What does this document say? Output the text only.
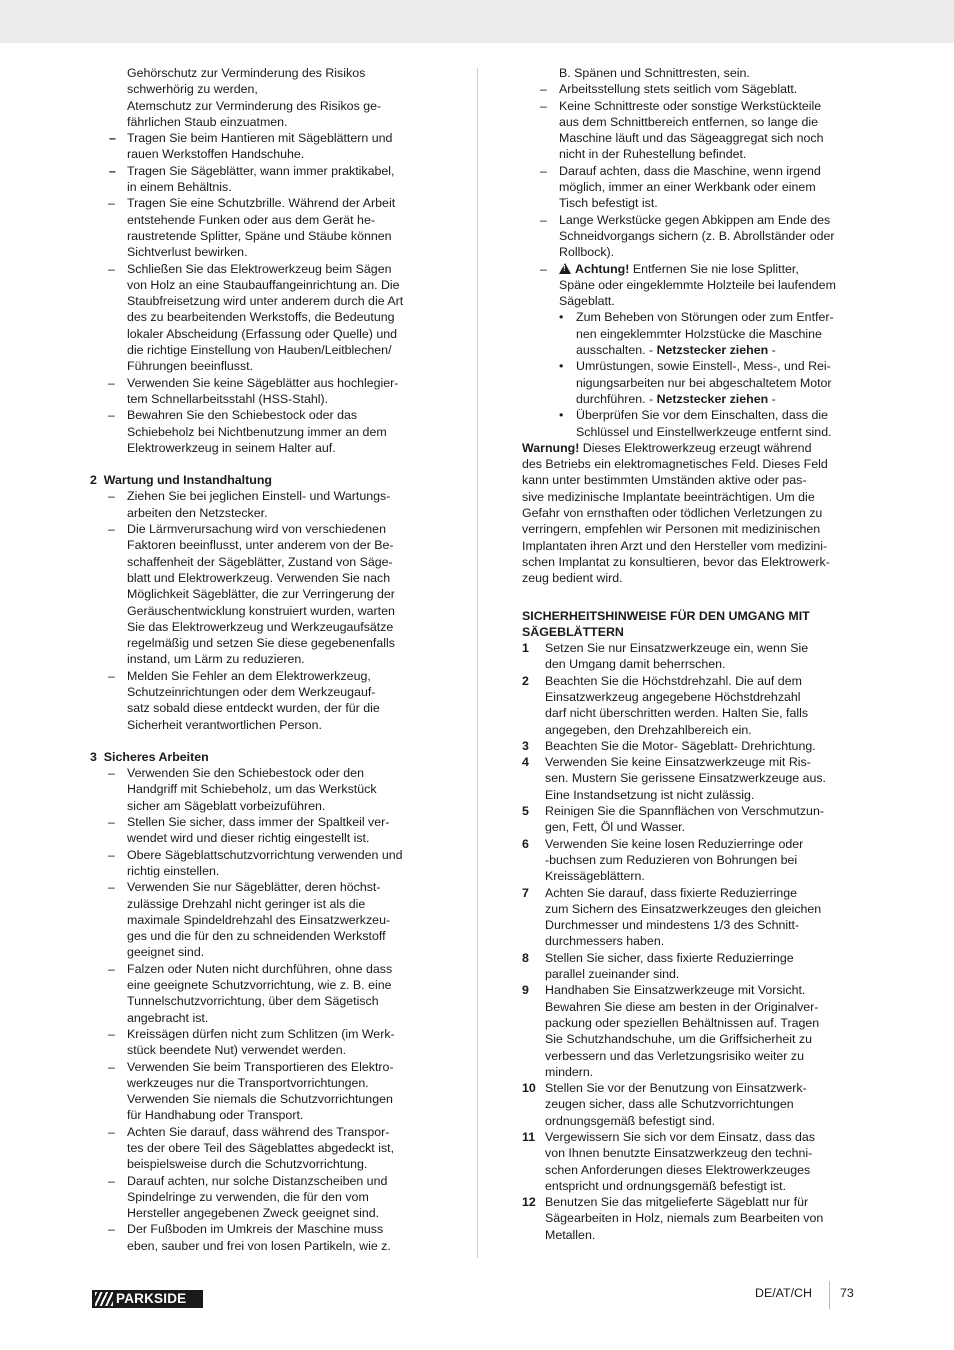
Gehörschutz zur Verminderung des Risikos
schwerhörig zu werden,
Atemschutz zur Verminderung des Risikos ge-
fährlichen Staub einzuatmen.
– Tragen Sie beim Hantieren mit Sägeblättern und
rauen Werkstoffen Handschuhe.
– Tragen Sie Sägeblätter, wann immer praktikabel,
in einem Behältnis.
– Tragen Sie eine Schutzbrille. Während der Arbeit
entstehende Funken oder aus dem Gerät he-
raustretende Splitter, Späne und Stäube können
Sichtverlust bewirken.
– Schließen Sie das Elektrowerkzeug beim Sägen
von Holz an eine Staubauffangeinrichtung an. Die
Staubfreisetzung wird unter anderem durch die Art
des zu bearbeitenden Werkstoffs, die Bedeutung
lokaler Abscheidung (Erfassung oder Quelle) und
die richtige Einstellung von Hauben/Leitblechen/
Führungen beeinflusst.
– Verwenden Sie keine Sägeblätter aus hochlegier-
tem Schnellarbeitsstahl (HSS-Stahl).
– Bewahren Sie den Schiebestock oder das
Schiebeholz bei Nichtbenutzung immer an dem
Elektrowerkzeug in seinem Halter auf.

2 Wartung und Instandhaltung

– Ziehen Sie bei jeglichen Einstell- und Wartungs-
arbeiten den Netzstecker.
– Die Lärmverursachung wird von verschiedenen
Faktoren beeinflusst, unter anderem von der Be-
schaffenheit der Sägeblätter, Zustand von Säge-
blatt und Elektrowerkzeug. Verwenden Sie nach
Möglichkeit Sägeblätter, die zur Verringerung der
Geräuschentwicklung konstruiert wurden, warten
Sie das Elektrowerkzeug und Werkzeugaufsätze
regelmäßig und setzen Sie diese gegebenenfalls
instand, um Lärm zu reduzieren.
– Melden Sie Fehler an dem Elektrowerkzeug,
Schutzeinrichtungen oder dem Werkzeugauf-
satz sobald diese entdeckt wurden, der für die
Sicherheit verantwortlichen Person.

3 Sicheres Arbeiten

– Verwenden Sie den Schiebestock oder den
Handgriff mit Schiebeholz, um das Werkstück
sicher am Sägeblatt vorbeizuführen.
– Stellen Sie sicher, dass immer der Spaltkeil ver-
wendet wird und dieser richtig eingestellt ist.
– Obere Sägeblattschutzvorrichtung verwenden und
richtig einstellen.
– Verwenden Sie nur Sägeblätter, deren höchst-
zulässige Drehzahl nicht geringer ist als die
maximale Spindeldrehzahl des Einsatzwerkzeu-
ges und die für den zu schneidenden Werkstoff
geeignet sind.
– Falzen oder Nuten nicht durchführen, ohne dass
eine geeignete Schutzvorrichtung, wie z. B. eine
Tunnelschutzvorrichtung, über dem Sägetisch
angebracht ist.
– Kreissägen dürfen nicht zum Schlitzen (im Werk-
stück beendete Nut) verwendet werden.
– Verwenden Sie beim Transportieren des Elektro-
werkzeuges nur die Transportvorrichtungen.
Verwenden Sie niemals die Schutzvorrichtungen
für Handhabung oder Transport.
– Achten Sie darauf, dass während des Transpor-
tes der obere Teil des Sägeblattes abgedeckt ist,
beispielsweise durch die Schutzvorrichtung.
– Darauf achten, nur solche Distanzscheiben und
Spindelringe zu verwenden, die für den vom
Hersteller angegebenen Zweck geeignet sind.
– Der Fußboden im Umkreis der Maschine muss
eben, sauber und frei von losen Partikeln, wie z.
B. Spänen und Schnittresten, sein.
– Arbeitsstellung stets seitlich vom Sägeblatt.
– Keine Schnittreste oder sonstige Werkstückteile
aus dem Schnittbereich entfernen, so lange die
Maschine läuft und das Sägeaggregat sich noch
nicht in der Ruhestellung befindet.
– Darauf achten, dass die Maschine, wenn irgend
möglich, immer an einer Werkbank oder einem
Tisch befestigt ist.
– Lange Werkstücke gegen Abkippen am Ende des
Schneidvorgangs sichern (z. B. Abrollständer oder
Rollbock).
!– Achtung! Entfernen Sie nie lose Splitter,
Späne oder eingeklemmte Holzteile bei laufendem
Sägeblatt.
• Zum Beheben von Störungen oder zum Entfer-
nen eingeklemmter Holzstücke die Maschine
ausschalten. - Netzstecker ziehen -
• Umrüstungen, sowie Einstell-, Mess-, und Rei-
nigungsarbeiten nur bei abgeschaltetem Motor
durchführen. - Netzstecker ziehen -
• Überprüfen Sie vor dem Einschalten, dass die
Schlüssel und Einstellwerkzeuge entfernt sind.

Warnung! Dieses Elektrowerkzeug erzeugt während

des Betriebs ein elektromagnetisches Feld. Dieses Feld
kann unter bestimmten Umständen aktive oder pas-
sive medizinische Implantate beeinträchtigen. Um die
Gefahr von ernsthaften oder tödlichen Verletzungen zu
verringern, empfehlen wir Personen mit medizinischen
Implantaten ihren Arzt und den Hersteller vom medizini-
schen Implantat zu konsultieren, bevor das Elektrowerk-
zeug bedient wird.
SICHERHEITSHINWEISE FÜR DEN UMGANG MIT
SÄGEBLÄTTERN
1 Setzen Sie nur Einsatzwerkzeuge ein, wenn Sie
den Umgang damit beherrschen.
2 Beachten Sie die Höchstdrehzahl. Die auf dem
Einsatzwerkzeug angegebene Höchstdrehzahl
darf nicht überschritten werden. Halten Sie, falls
angegeben, den Drehzahlbereich ein.
3 Beachten Sie die Motor- Sägeblatt- Drehrichtung.
4 Verwenden Sie keine Einsatzwerkzeuge mit Ris-
sen. Mustern Sie gerissene Einsatzwerkzeuge aus.
Eine Instandsetzung ist nicht zulässig.
5 Reinigen Sie die Spannflächen von Verschmutzun-
gen, Fett, Öl und Wasser.
6 Verwenden Sie keine losen Reduzierringe oder
-buchsen zum Reduzieren von Bohrungen bei
Kreissägeblättern.
7 Achten Sie darauf, dass fixierte Reduzierringe
zum Sichern des Einsatzwerkzeuges den gleichen
Durchmesser und mindestens 1/3 des Schnitt-
durchmessers haben.
8 Stellen Sie sicher, dass fixierte Reduzierringe
parallel zueinander sind.
9 Handhaben Sie Einsatzwerkzeuge mit Vorsicht.
Bewahren Sie diese am besten in der Originalver-
packung oder speziellen Behältnissen auf. Tragen
Sie Schutzhandschuhe, um die Griffsicherheit zu
verbessern und das Verletzungsrisiko weiter zu
mindern.
10 Stellen Sie vor der Benutzung von Einsatzwerk-
zeugen sicher, dass alle Schutzvorrichtungen
ordnungsgemäß befestigt sind.
11 Vergewissern Sie sich vor dem Einsatz, dass das
von Ihnen benutzte Einsatzwerkzeug den techni-
schen Anforderungen dieses Elektrowerkzeuges
entspricht und ordnungsgemäß befestigt ist.
12 Benutzen Sie das mitgelieferte Sägeblatt nur für
Sägearbeiten in Holz, niemals zum Bearbeiten von
Metallen.
PARKSIDE	DE/AT/CH 73
